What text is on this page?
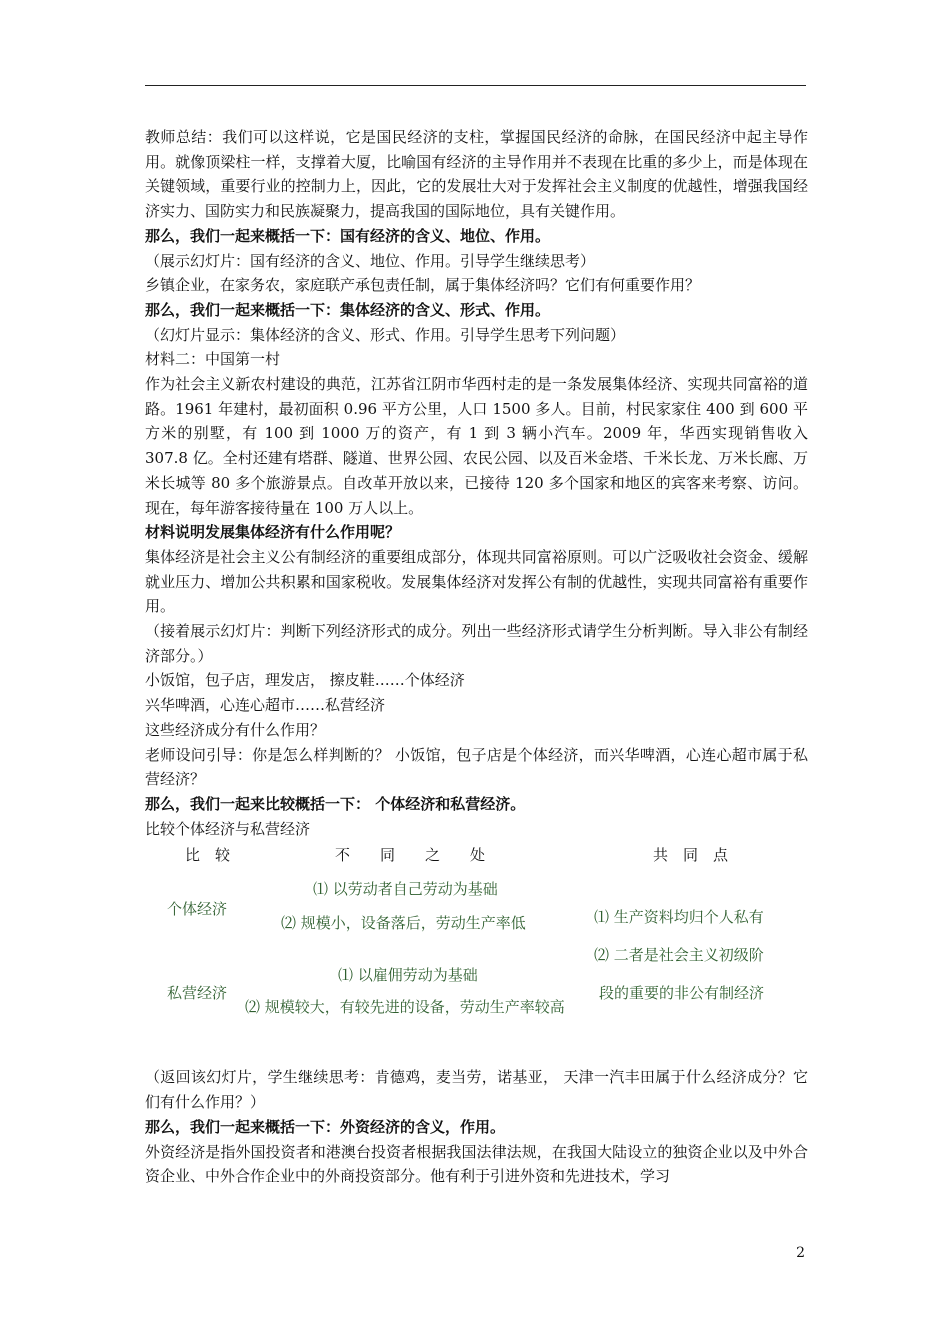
教师总结：我们可以这样说，它是国民经济的支柱，掌握国民经济的命脉，在国民经济中起主导作用。就像顶梁柱一样，支撑着大厦，比喻国有经济的主导作用并不表现在比重的多少上，而是体现在关键领域，重要行业的控制力上，因此，它的发展壮大对于发挥社会主义制度的优越性，增强我国经济实力、国防实力和民族凝聚力，提高我国的国际地位，具有关键作用。

那么，我们一起来概括一下：国有经济的含义、地位、作用。

（展示幻灯片：国有经济的含义、地位、作用。引导学生继续思考）

乡镇企业，在家务农，家庭联产承包责任制，属于集体经济吗？它们有何重要作用？

那么，我们一起来概括一下：集体经济的含义、形式、作用。

（幻灯片显示：集体经济的含义、形式、作用。引导学生思考下列问题）

材料二：中国第一村

作为社会主义新农村建设的典范，江苏省江阴市华西村走的是一条发展集体经济、实现共同富裕的道路。1961 年建村，最初面积 0.96 平方公里，人口 1500 多人。目前，村民家家住 400 到 600 平方米的别墅，有 100 到 1000 万的资产，有 1 到 3 辆小汽车。2009 年，华西实现销售收入 307.8 亿。全村还建有塔群、隧道、世界公园、农民公园、以及百米金塔、千米长龙、万米长廊、万米长城等 80 多个旅游景点。自改革开放以来，已接待 120 多个国家和地区的宾客来考察、访问。现在，每年游客接待量在 100 万人以上。

材料说明发展集体经济有什么作用呢？

集体经济是社会主义公有制经济的重要组成部分，体现共同富裕原则。可以广泛吸收社会资金、缓解就业压力、增加公共积累和国家税收。发展集体经济对发挥公有制的优越性，实现共同富裕有重要作用。

（接着展示幻灯片：判断下列经济形式的成分。列出一些经济形式请学生分析判断。导入非公有制经济部分。）

小饭馆，包子店，理发店， 擦皮鞋……个体经济

兴华啤酒，心连心超市……私营经济

这些经济成分有什么作用？

老师设问引导：你是怎么样判断的？ 小饭馆，包子店是个体经济，而兴华啤酒，心连心超市属于私营经济？

那么，我们一起来比较概括一下： 个体经济和私营经济。

比较个体经济与私营经济

比　较	不　　同　　之　　处	共　同　点
个体经济
⑴ 以劳动者自己劳动为基础
⑵ 规模小，设备落后，劳动生产率低
私营经济
⑴ 以雇佣劳动为基础
⑵ 规模较大，有较先进的设备，劳动生产率较高
⑴ 生产资料均归个人私有
⑵ 二者是社会主义初级阶
段的重要的非公有制经济

（返回该幻灯片，学生继续思考：肯德鸡，麦当劳，诺基亚， 天津一汽丰田属于什么经济成分？它们有什么作用？）

那么，我们一起来概括一下：外资经济的含义，作用。

外资经济是指外国投资者和港澳台投资者根据我国法律法规，在我国大陆设立的独资企业以及中外合资企业、中外合作企业中的外商投资部分。他有利于引进外资和先进技术，学习

2
